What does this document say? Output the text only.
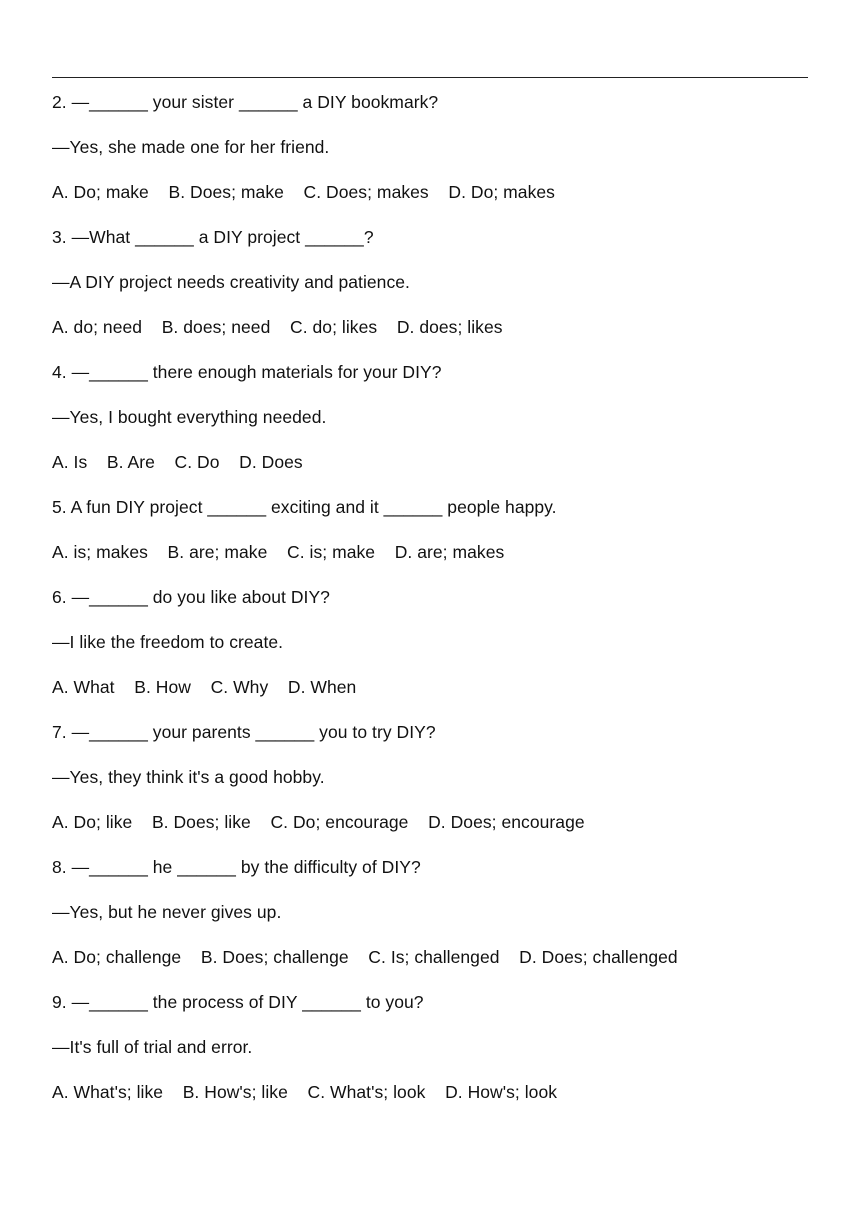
2. —______ your sister ______ a DIY bookmark?
—Yes, she made one for her friend.
A. Do; make    B. Does; make    C. Does; makes    D. Do; makes
3. —What ______ a DIY project ______?
—A DIY project needs creativity and patience.
A. do; need    B. does; need    C. do; likes    D. does; likes
4. —______ there enough materials for your DIY?
—Yes, I bought everything needed.
A. Is    B. Are    C. Do    D. Does
5. A fun DIY project ______ exciting and it ______ people happy.
A. is; makes    B. are; make    C. is; make    D. are; makes
6. —______ do you like about DIY?
—I like the freedom to create.
A. What    B. How    C. Why    D. When
7. —______ your parents ______ you to try DIY?
—Yes, they think it's a good hobby.
A. Do; like    B. Does; like    C. Do; encourage    D. Does; encourage
8. —______ he ______ by the difficulty of DIY?
—Yes, but he never gives up.
A. Do; challenge    B. Does; challenge    C. Is; challenged    D. Does; challenged
9. —______ the process of DIY ______ to you?
—It's full of trial and error.
A. What's; like    B. How's; like    C. What's; look    D. How's; look
